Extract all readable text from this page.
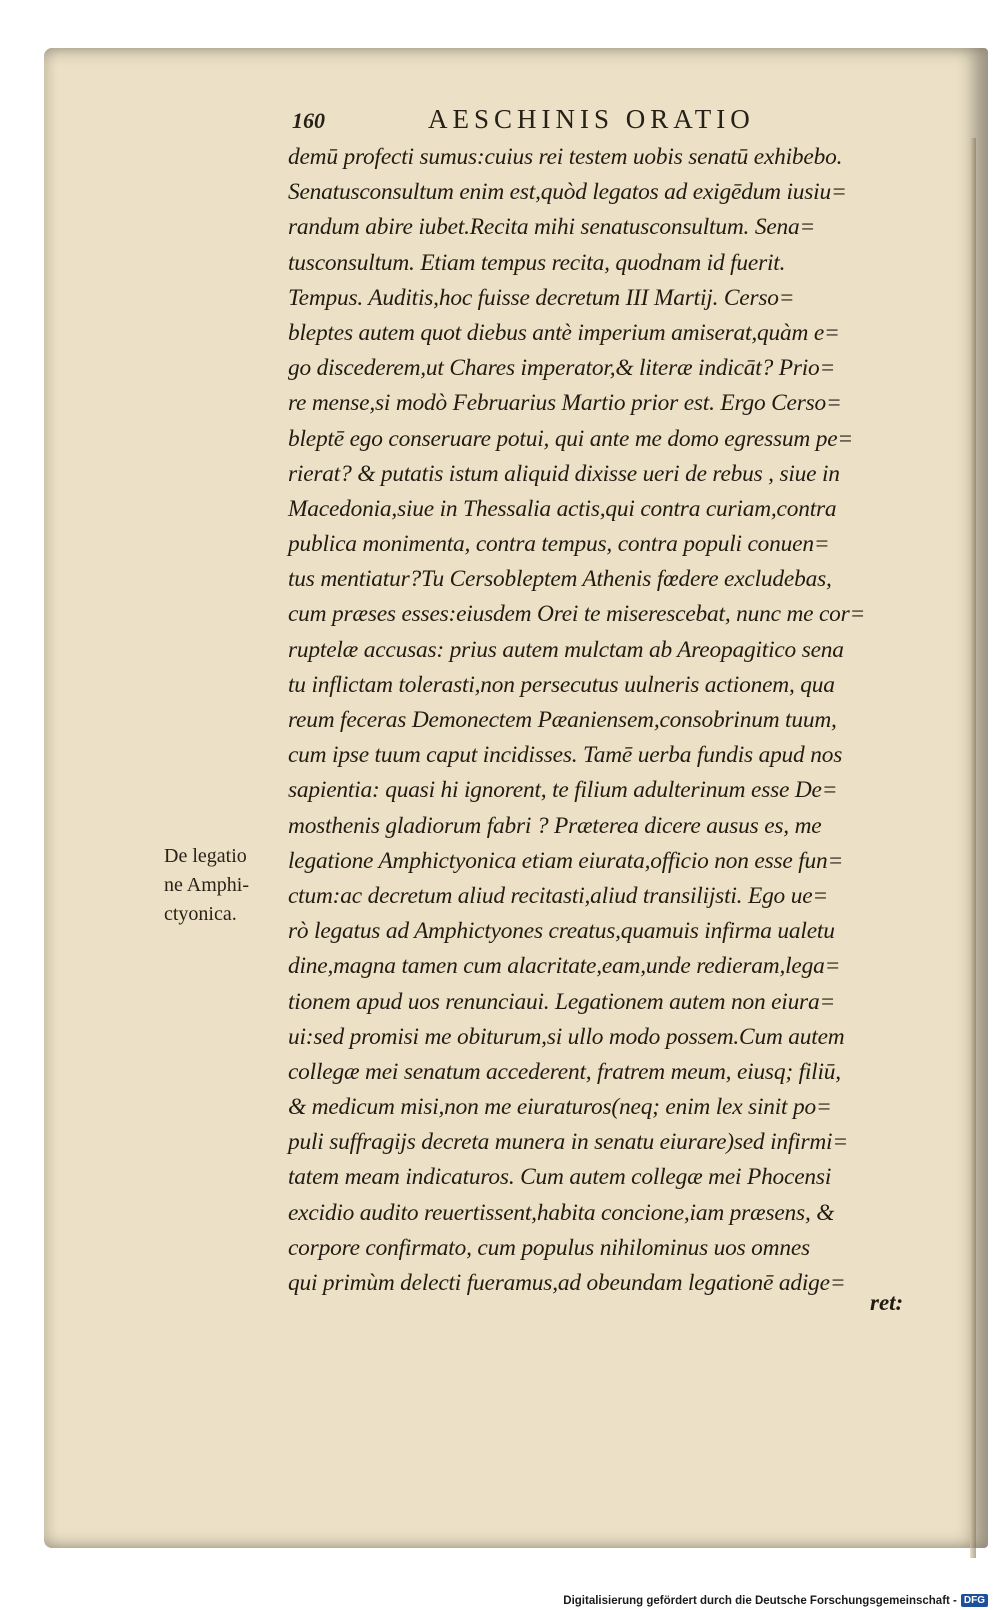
160	AESCHINIS ORATIO
demū profecti sumus:cuius rei testem uobis senatū exhibebo.
Senatusconsultum enim est,quòd legatos ad exigēdum iusiu=
randum abire iubet.Recita mihi senatusconsultum. Sena=
tusconsultum. Etiam tempus recita, quodnam id fuerit.
Tempus. Auditis,hoc fuisse decretum III Martij. Cerso=
bleptes autem quot diebus antè imperium amiserat,quàm e=
go discederem,ut Chares imperator,& literæ indicāt? Prio=
re mense,si modò Februarius Martio prior est. Ergo Cerso=
bleptē ego conseruare potui, qui ante me domo egressum pe=
rierat? & putatis istum aliquid dixisse ueri de rebus , siue in
Macedonia,siue in Thessalia actis,qui contra curiam,contra
publica monimenta, contra tempus, contra populi conuen=
tus mentiatur?Tu Cersobleptem Athenis fœdere excludebas,
cum præses esses:eiusdem Orei te miserescebat, nunc me cor=
ruptelæ accusas: prius autem mulctam ab Areopagitico sena
tu inflictam tolerasti,non persecutus uulneris actionem, qua
reum feceras Demonectem Pæaniensem,consobrinum tuum,
cum ipse tuum caput incidisses. Tamē uerba fundis apud nos
sapientia: quasi hi ignorent, te filium adulterinum esse De=
mosthenis gladiorum fabri ? Præterea dicere ausus es, me
legatione Amphictyonica etiam eiurata,officio non esse fun=
ctum:ac decretum aliud recitasti,aliud transilijsti. Ego ue=
rò legatus ad Amphictyones creatus,quamuis infirma ualetu
dine,magna tamen cum alacritate,eam,unde redieram,lega=
tionem apud uos renunciaui. Legationem autem non eiura=
ui:sed promisi me obiturum,si ullo modo possem.Cum autem
collegæ mei senatum accederent, fratrem meum, eiusq; filiū,
& medicum misi,non me eiuraturos(neq; enim lex sinit po=
puli suffragijs decreta munera in senatu eiurare)sed infirmi=
tatem meam indicaturos. Cum autem collegæ mei Phocensi
excidio audito reuertissent,habita concione,iam præsens, &
corpore confirmato, cum populus nihilominus uos omnes
qui primùm delecti fueramus,ad obeundam legationē adige=
ret:
De legatio
ne Amphi-
ctyonica.
Digitalisierung gefördert durch die Deutsche Forschungsgemeinschaft - DFG
